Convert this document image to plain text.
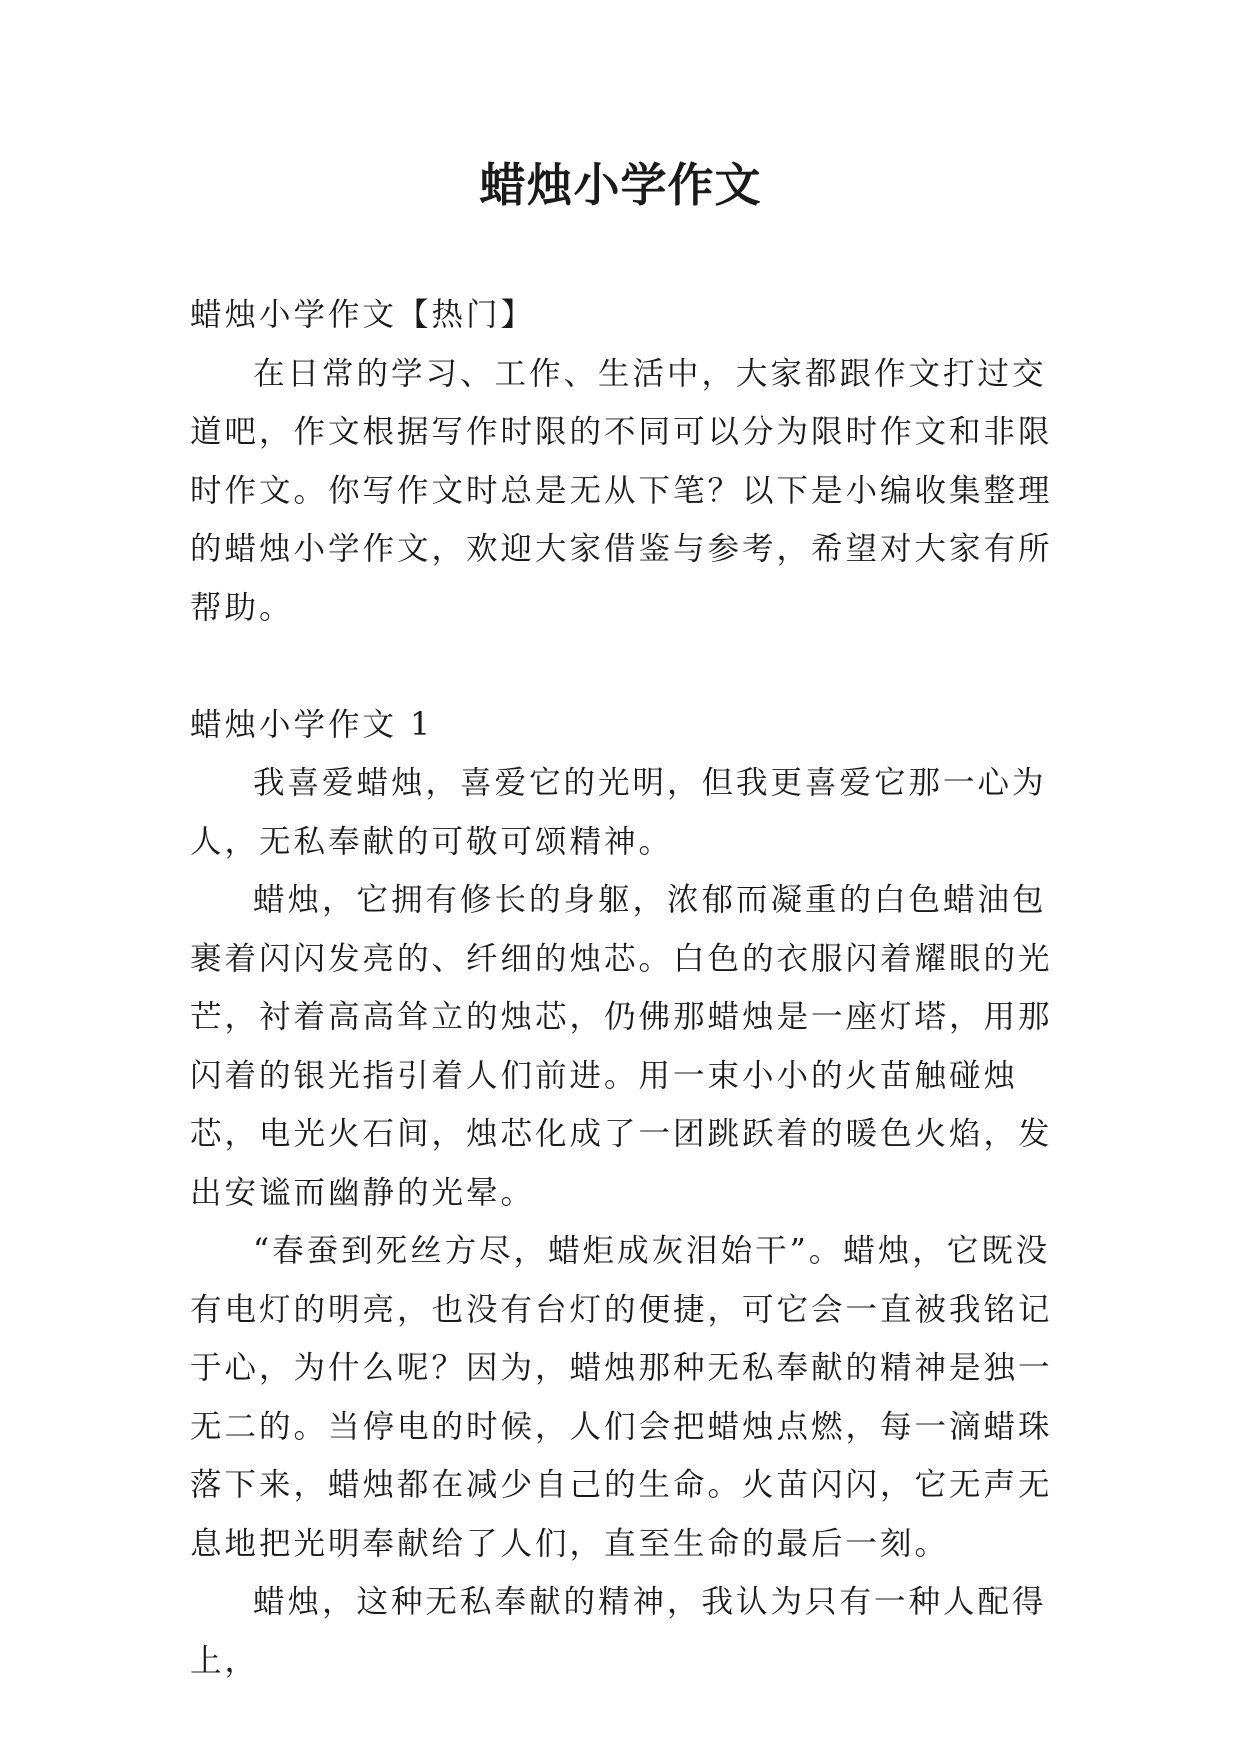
蜡烛小学作文

蜡烛小学作文【热门】

在日常的学习、工作、生活中，大家都跟作文打过交道吧，作文根据写作时限的不同可以分为限时作文和非限时作文。你写作文时总是无从下笔？以下是小编收集整理的蜡烛小学作文，欢迎大家借鉴与参考，希望对大家有所帮助。

蜡烛小学作文 1

我喜爱蜡烛，喜爱它的光明，但我更喜爱它那一心为人，无私奉献的可敬可颂精神。

蜡烛，它拥有修长的身躯，浓郁而凝重的白色蜡油包裹着闪闪发亮的、纤细的烛芯。白色的衣服闪着耀眼的光芒，衬着高高耸立的烛芯，仍佛那蜡烛是一座灯塔，用那闪着的银光指引着人们前进。用一束小小的火苗触碰烛芯，电光火石间，烛芯化成了一团跳跃着的暖色火焰，发出安谧而幽静的光晕。

“春蚕到死丝方尽，蜡炬成灰泪始干”。蜡烛，它既没有电灯的明亮，也没有台灯的便捷，可它会一直被我铭记于心，为什么呢？因为，蜡烛那种无私奉献的精神是独一无二的。当停电的时候，人们会把蜡烛点燃，每一滴蜡珠落下来，蜡烛都在减少自己的生命。火苗闪闪，它无声无息地把光明奉献给了人们，直至生命的最后一刻。

蜡烛，这种无私奉献的精神，我认为只有一种人配得上，
